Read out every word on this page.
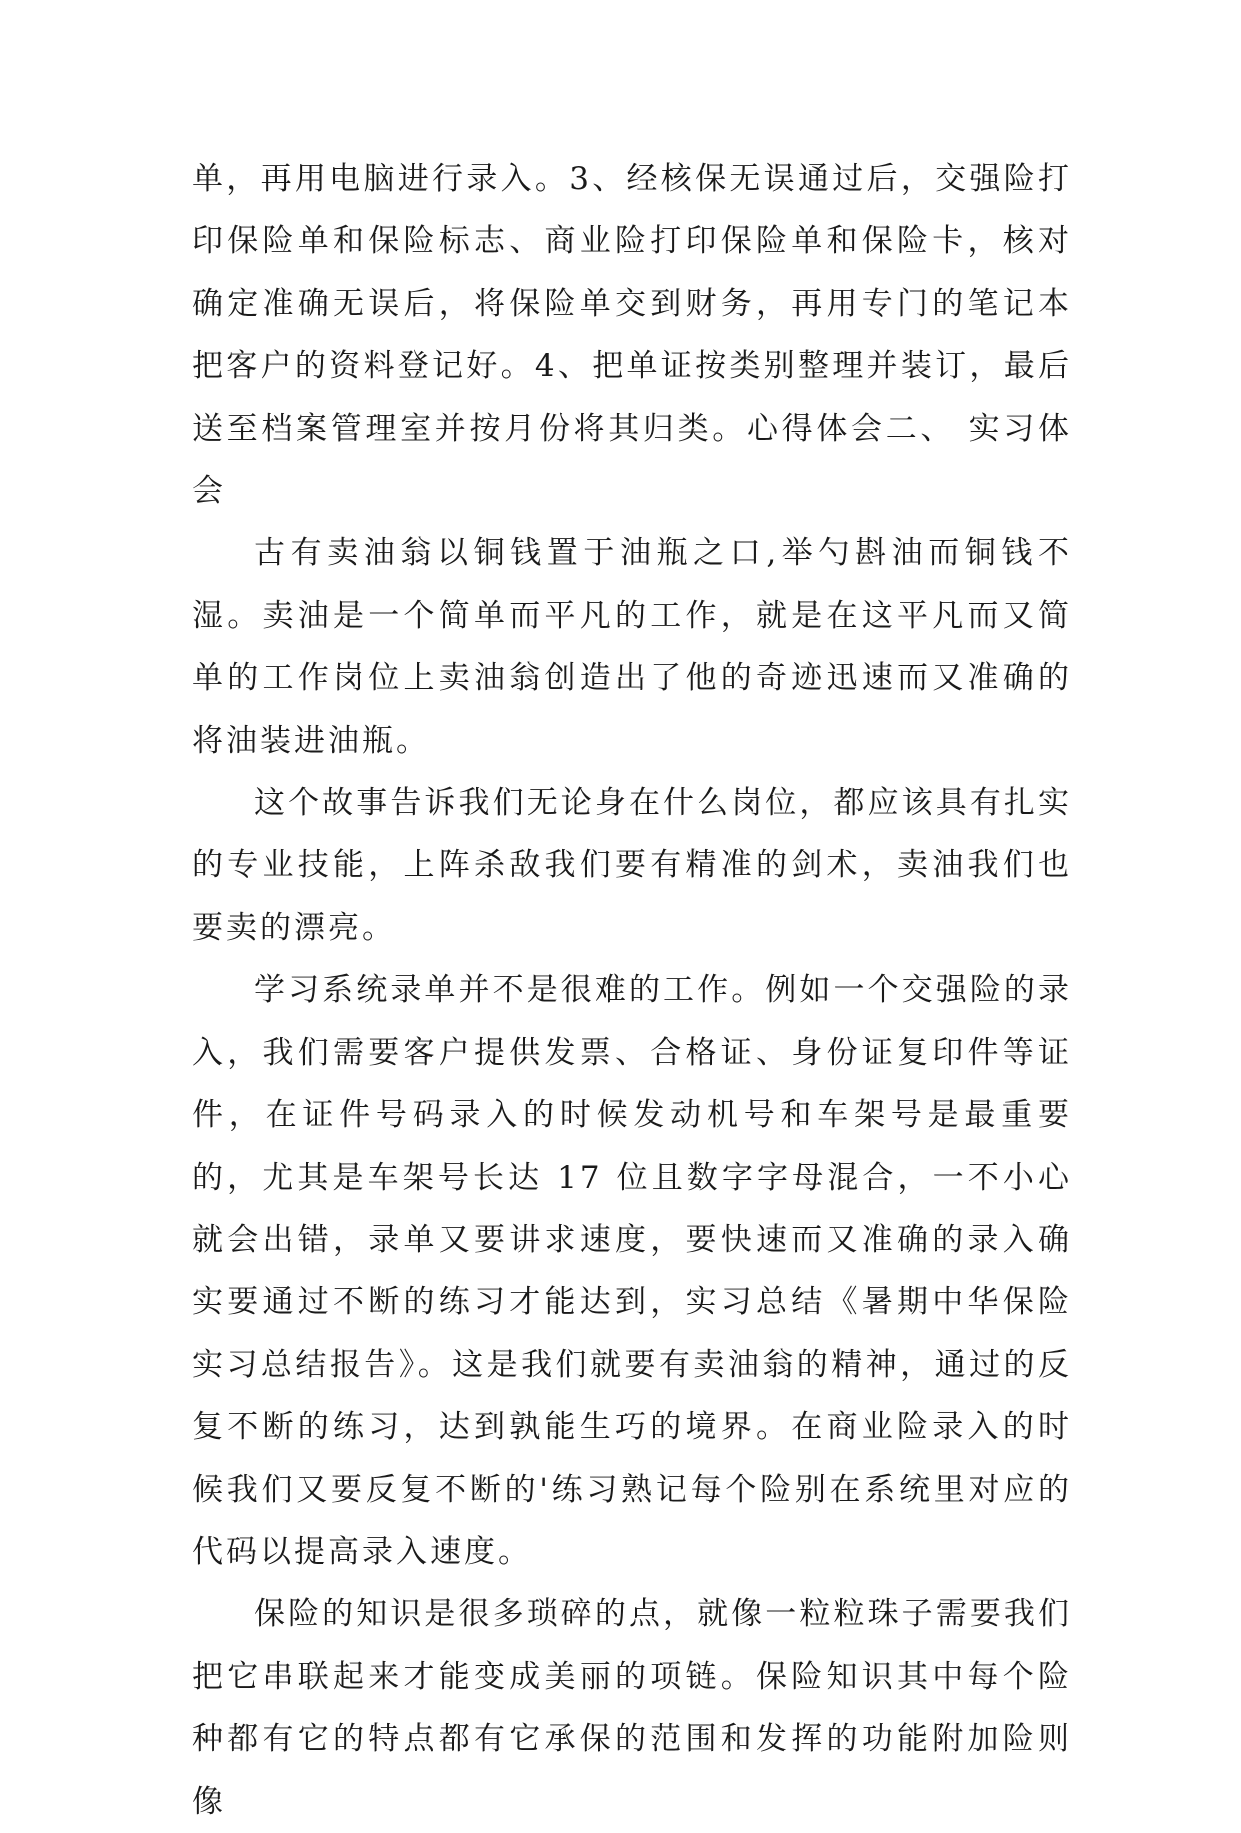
单，再用电脑进行录入。3、经核保无误通过后，交强险打印保险单和保险标志、商业险打印保险单和保险卡，核对确定准确无误后，将保险单交到财务，再用专门的笔记本把客户的资料登记好。4、把单证按类别整理并装订，最后送至档案管理室并按月份将其归类。心得体会二、 实习体会

古有卖油翁以铜钱置于油瓶之口,举勺斟油而铜钱不湿。卖油是一个简单而平凡的工作，就是在这平凡而又简单的工作岗位上卖油翁创造出了他的奇迹迅速而又准确的将油装进油瓶。

这个故事告诉我们无论身在什么岗位，都应该具有扎实的专业技能，上阵杀敌我们要有精准的剑术，卖油我们也要卖的漂亮。

学习系统录单并不是很难的工作。例如一个交强险的录入，我们需要客户提供发票、合格证、身份证复印件等证件，在证件号码录入的时候发动机号和车架号是最重要的，尤其是车架号长达 17 位且数字字母混合，一不小心就会出错，录单又要讲求速度，要快速而又准确的录入确实要通过不断的练习才能达到，实习总结《暑期中华保险实习总结报告》。这是我们就要有卖油翁的精神，通过的反复不断的练习，达到孰能生巧的境界。在商业险录入的时候我们又要反复不断的'练习熟记每个险别在系统里对应的代码以提高录入速度。

保险的知识是很多琐碎的点，就像一粒粒珠子需要我们把它串联起来才能变成美丽的项链。保险知识其中每个险种都有它的特点都有它承保的范围和发挥的功能附加险则像
